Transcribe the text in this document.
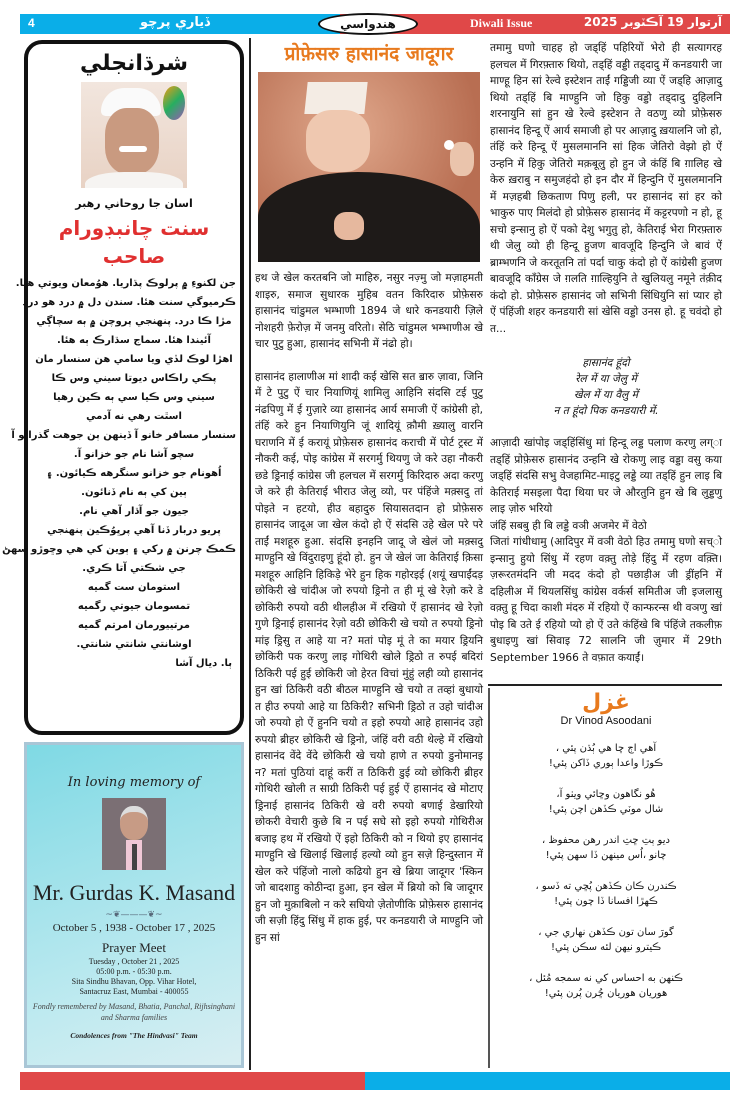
4	ڏياري پرچو	هندواسي	Diwali Issue	آرتوار 19 آڪٽوبر 2025
شرڌانجلي
اسان جا روحاني رهبر
سنت چانبڊورام صاحب
جن لکنوءِ ۾ پرلوڪ پڌاريا. هوُمعان ويوتي هئا.
ڪرميوگي سنت هئا. سندن دل ۾ درد هو درد
مڙا ڪا درد. پنهنجي پروچن ۾ ٻه سچاڳي
آئيندا هئا. سماج سڌارڪ ٻه هئا.
اهڙا لوڪ لڏي ويا سامي هن سنسار مان
پڪي راڪاس ديوتا سيني وس ڪا
سيني وس ڪيا سي ٻه ڪين رهيا
اسٿت رهي نه آدمي
سنسار مسافر خانو آ ڏينهن ٻن جوهت گذرانو آ
سچو آشا نام جو خزانو آ.
اُهونام جو خزانو سنگرهه ڪيائون. ۽
ٻين کي ٻه نام ڏنائون.
جيون جو آڌار آهي نام.
پريو دربار ڏنا آهي پرڀوُڪين پنهنجي
ڪمڪ چرنن ۾ رکي ۽ ٻوين کي هي وڇوڙو سهڻ
جي شڪتي آتا ڪري.
استومان ست گميه
تمسومان جيوتي رگميه
مرتييورمان امرتم گميه
اوشانتي شانتي شانتي.
ٻا. ديال آشا
In loving memory of
Mr. Gurdas K. Masand
~❦———❦~
October 5 , 1938 - October 17 , 2025
Prayer Meet
Tuesday , October 21 , 2025
05:00 p.m. - 05:30 p.m.
Sita Sindhu Bhavan, Opp. Vihar Hotel,
Santacruz East, Mumbai - 400055
Fondly remembered by Masand, Bhatia, Panchal, Rijhsinghani and Sharma families
Condolences from "The Hindvasi" Team
प्रोफ़ेसरु हासानंद जादूगर

हथ जे खेल करतबनि जो माहिरु, नसुर नज़्मु जो मज़ाहमती शाइरु, समाज सुधारक मुहिब वतन किरिदारु प्रोफ़ेसरु हासानंद चांडुमल भम्भाणी 1894 जे धारे कनडयारी ज़िले नोशहरी फ़ेरोज़ में जनमु वरितो। सेठि चांडुमल भम्भाणीअ खे चार पुटु हुआ, हासानंद सभिनी में नंढो हो।

हासानंद हालाणीअ मां शादी कई खेसि सत ॿारु ज़ावा, जिनि में टे पुटु ऐं चार नियाणियूं शामिलु आहिनि संदसि टई पुटु नंढपिणु में ई गुज़ारे व्या हासानंद आर्य समाजी ऐं कांग्रेसी हो, तंहिं करे हुन नियाणियुनि जूं शादियूं क़ौमी ख़्यालु वारनि घराणनि में ई करायूं प्रोफ़ेसरु हासानंद कराची में पोर्ट ट्रस्ट में नौकरी कई, पोइ कांग्रेस में सरगर्मु थियणु जे करे उहा नौकरी छडे ड्रिनाई कांग्रेस जी हलचल में सरगर्मु किरिदारु अदा करणु जे करे ही केतिराई भीराउ जेलु व्यो, पर पंहिंजे मक़्सदु तां पोइते न हटयो, हीउ बहादुरु सियासतदान हो प्रोफ़ेसरु हासानंद जादूअ जा खेल कंदो हो ऐं संदसि उहे खेल परे परे ताईं मशहूरु हुआ. संदसि इनहनि जादू जे खेलं जो मक़्सदु माण्हुनि खे विंदुराइणु हूंदो हो. हुन जे खेलं जा केतिराई क़िसा मशहूरु आहिनि हिकिड़े भेरे हुन हिक गहोरइई (शयूं खपाईंदड़ छोकिरी खे चांदीअ जो रुपयो ड्रिनो त ही मूं खे रेज़ो करे डे छोकिरी रुपयो वठी थीलहीअ में रखियो ऐं हासानंद खे रेज़ो गुणे ड्रिनाई हासानंद रेज़ो वठी छोकिरी खे चयो त रुपयो ड्रिनो मांइ ड्रिसु त आहे या न? मतां पोइ मूं ते का मयार ड्रियनि छोकिरी पक करणु लाइ गोथिरी खोले ड्रिठो त रुपई बदिरां ठिकिरी पई हुई छोकिरी जो हेरत विचां मुंहुं लही व्यो हासानंद हुन खां ठिकिरी वठी बीठल माण्हुनि खे चयो त तव्हां बुधायो त हीउ रुपयो आहे या ठिकिरी? सभिनी ड्रिठो त उहो चांदीअ जो रुपयो हो ऐं हुननि चयो त इहो रुपयो आहे हासानंद उहो रुपयो ब्रीहर छोकिरी खे ड्रिनो, जंहिं वरी वठी थेल्हे में रखियो हासानंद वेंदे वेंदे छोकिरी खे चयो हाणे त रुपयो डुनोमानइ न? मतां पुठियां दाहूं करीं त ठिकिरी डुई व्यो छोकिरी ब्रीहर गोथिरी खोली त साग्री ठिकिरी पई हुई ऐं हासानंद खे मोटाए ड्रिनाई हासानंद ठिकिरी खे वरी रुपयो बणाई डेखारियो छोकरी वेचारी कुछे बि न पई सघे सो इहो रुपयो गोथिरीअ बजाइ हथ में रखियो ऐं इहो ठिकिरी को न थियो इए हासानंद माण्हुनि खे खिलाई खिलाई हल्यो व्यो हुन सज़े हिन्दुस्तान में खेल करे पंहिंजो नालो कढियो हुन खे ब्रिया जादूगर 'स्किन जो बादशाहु कोठीन्दा हुआ, इन खेल में ब्रियो को बि जादूगर हुन जो मुक़ाबिलो न करे सघियो ज़ेतोणीकि प्रोफ़ेसरु हासानंद जी सज़ी हिंदु सिंधु में हाक हुई, पर कनडयारी जे माण्हुनि जो हुन सां

तमामु घणो चाहह हो जड्हिं पहिरियों भेरो ही सत्यागरह हलचल में गिरफ़्तारु थियो, तड्हिं वड्डी तड्दादु में कनडयारी जा माण्हू हिन सां रेल्वे इस्टेशन ताईं गड्डिजी व्या ऐं जड्हि आज़ादु थियो तड्हिं बि माण्हुनि जो हिकु वड्डो तड्दादु दुहिलनि शरनायुनि सां हुन खे रेल्वे इस्टेशन ते वठणु व्यो प्रोफ़ेसरु हासानंद हिन्दू ऐं आर्य समाजी हो पर आज़ादु ख़यालनि जो हो, तंहिं करे हिन्दू ऐं मुसलमाननि सां हिक जेतिरो वेझो हो ऐं उन्हनि में हिकु जेतिरो मक़बूलु हो हुन जे कंहिं बि ग़ालिह खे केरु ख़राबु न समुजहंदो हो इन दौर में हिन्दुनि ऐं मुसलमाननि में मज़हबी छिकताण पिणु हली, पर हासानंद सां हर को भाकुरु पाए मिलंदो हो प्रोफ़ेसरु हासानंद में कट्टरपणो न हो, हू सचो इन्सानु हो ऐं पको देशु भगुतु हो, केतिराई भेरा गिरफ़्तारु थी जेलु व्यो ही हिन्दू हुजण बावजूदि हिन्दुनि जे बावं ऐं ब्राम्भणनि जे करतूतनि तां पर्दा चाकु कंदो हो ऐं कांग्रेसी हुजण बावजूदि कॉंग्रेस जे ग़लति ग़ाल्हियुनि ते खुलियलु नमूने तंक़ीद कंदो हो. प्रोफ़ेसरु हासानंद जो सभिनी सिंधियुनि सां प्यार हो ऐं पंहिंजी शहर कनडयारी सां खेसि वड्डो उनस हो. हू चवंदो हो त...

हासानंद हूंदो
रेल में या जेलु में
खेल में या वैलु में
न त हूंदो पिक कनडयारी में.

आज़ादी खांपोइ जड्हिंसिंधु मां हिन्दू लड्ड पलाण करणु लग्ा तड्हिं प्रोफ़ेसरु हासानंद उन्हनि खे रोकणु लाइ वड्डा वसु कया जड्हिं संदसि सभु वेजहामिट-माइटु लड्डे व्या तड्हिं हुन लाइ बि केतिराई मसइला पैदा थिया घर जे औरतुनि हुन खे बि लुड्डणु लाइ ज़ोरु भरियो
जंहिं सबबु ही बि लड्डे वञी अजमेर में वेठो
जितां गांधीधामु (आदिपुर में वञी वेठो हिउ तमामु घणो सच्ो इन्सानु हुयो सिंधु में रहण वक़्तु तोड़े हिंदु में रहण वक़्ति। ज़रूरतमंदनि जी मदद कंदो हो पछाड़ीअ जी ड्रींहनि में दहिलीअ में थियलसिंधु कांग्रेस वर्कर्स समितीअ जी इजलासु वक़्तु हू चिदा काशी मंदरु में रहियो ऐं कान्फरन्स थी वञणु खां पोइ बि उते ई रहियो प्यो हो ऐं उते कंहिंखे बि पंहिंजे तकलीफ़ बुधाइणु खां सिवाइ 72 सालनि जी ज़ुमार में 29th September 1966 ते वफ़ात कयाईं।

غزل
Dr Vinod Asoodani
آهي اڄ ڇا هي ٻُڌن پئي ،
ڪوڙا واعدا ٻوري ڏاکن پئي!
هُو نگاهون وڇائي ويٺو آ،
شال موٽي ڪڏهن اچن پئي!
ديو ٻتِ ڇتِ اندر رهن محفوظ ،
چانو ،اُس مينهن ڏا سهن پئي!
ڪندرن ڪان ڪڏهن پُڇي ته ڏسو ،
ڪهڙا افسانا ڏا چون پئي!
گورَ سان تون ڪڏهن نهاري جي ،
ڪيترو نيهن لئه سڪن پئي!
ڪنهن به احساس کي نه سمجه مُئل ،
هوريان هوريان ڇُرن پُرن پئي!
